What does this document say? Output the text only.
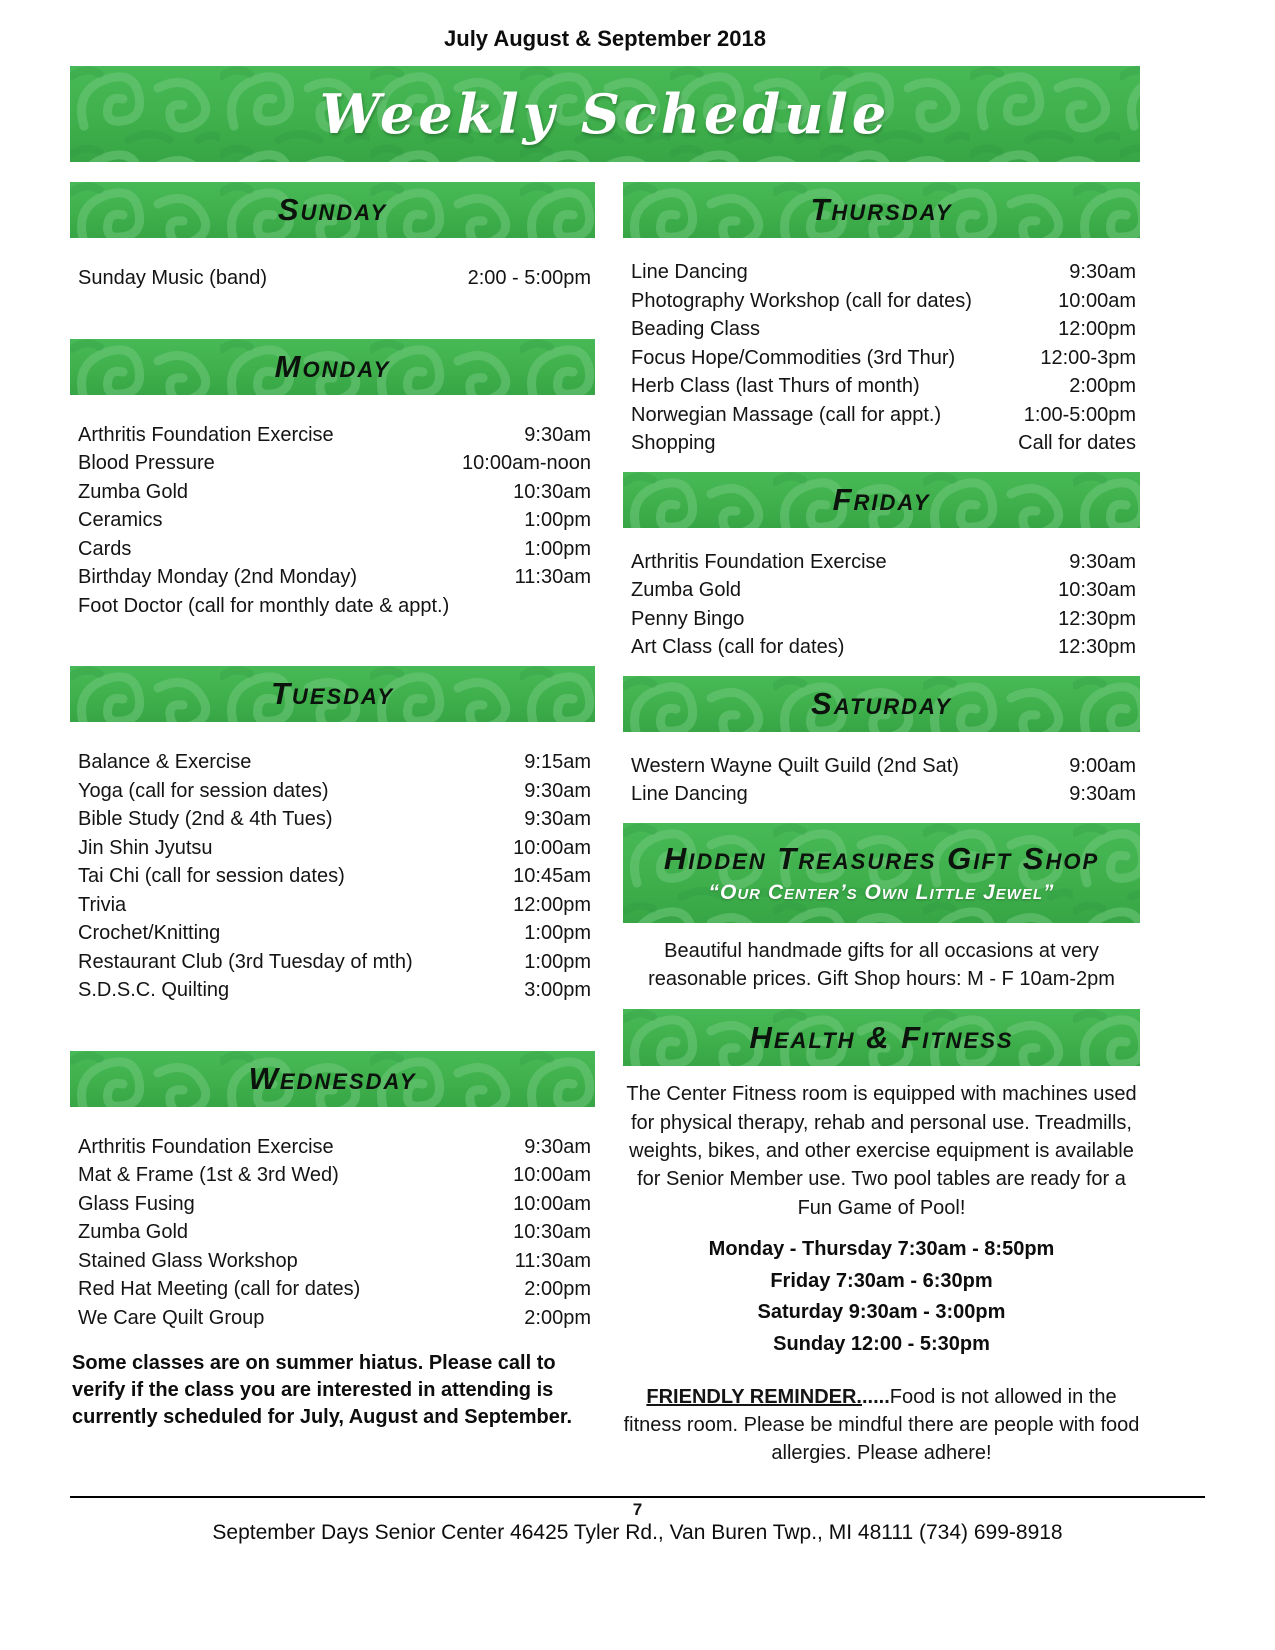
July August & September 2018
Weekly Schedule
Sunday
Sunday Music (band)	2:00 - 5:00pm
Monday
Arthritis Foundation Exercise	9:30am
Blood Pressure	10:00am-noon
Zumba Gold	10:30am
Ceramics	1:00pm
Cards	1:00pm
Birthday Monday (2nd Monday)	11:30am
Foot Doctor (call for monthly date & appt.)
Tuesday
Balance & Exercise	9:15am
Yoga (call for session dates)	9:30am
Bible Study (2nd & 4th Tues)	9:30am
Jin Shin Jyutsu	10:00am
Tai Chi (call for session dates)	10:45am
Trivia	12:00pm
Crochet/Knitting	1:00pm
Restaurant Club (3rd Tuesday of mth)	1:00pm
S.D.S.C. Quilting	3:00pm
Wednesday
Arthritis Foundation Exercise	9:30am
Mat & Frame (1st & 3rd Wed)	10:00am
Glass Fusing	10:00am
Zumba Gold	10:30am
Stained Glass Workshop	11:30am
Red Hat Meeting (call for dates)	2:00pm
We Care Quilt Group	2:00pm

Some classes are on summer hiatus. Please call to verify if the class you are interested in attending is currently scheduled for July, August and September.

Thursday
Line Dancing	9:30am
Photography Workshop (call for dates)	10:00am
Beading Class	12:00pm
Focus Hope/Commodities (3rd Thur)	12:00-3pm
Herb Class (last Thurs of month)	2:00pm
Norwegian Massage (call for appt.)	1:00-5:00pm
Shopping	Call for dates
Friday
Arthritis Foundation Exercise	9:30am
Zumba Gold	10:30am
Penny Bingo	12:30pm
Art Class (call for dates)	12:30pm
Saturday
Western Wayne Quilt Guild (2nd Sat)	9:00am
Line Dancing	9:30am
Hidden Treasures Gift Shop
“Our Center’s Own Little Jewel”

Beautiful handmade gifts for all occasions at very reasonable prices. Gift Shop hours: M - F 10am-2pm

Health & Fitness

The Center Fitness room is equipped with machines used for physical therapy, rehab and personal use. Treadmills, weights, bikes, and other exercise equipment is available for Senior Member use. Two pool tables are ready for a Fun Game of Pool!

Monday - Thursday 7:30am - 8:50pm
Friday 7:30am - 6:30pm
Saturday 9:30am - 3:00pm
Sunday 12:00 - 5:30pm

FRIENDLY REMINDER......Food is not allowed in the fitness room. Please be mindful there are people with food allergies. Please adhere!

7
September Days Senior Center 46425 Tyler Rd., Van Buren Twp., MI 48111 (734) 699-8918
